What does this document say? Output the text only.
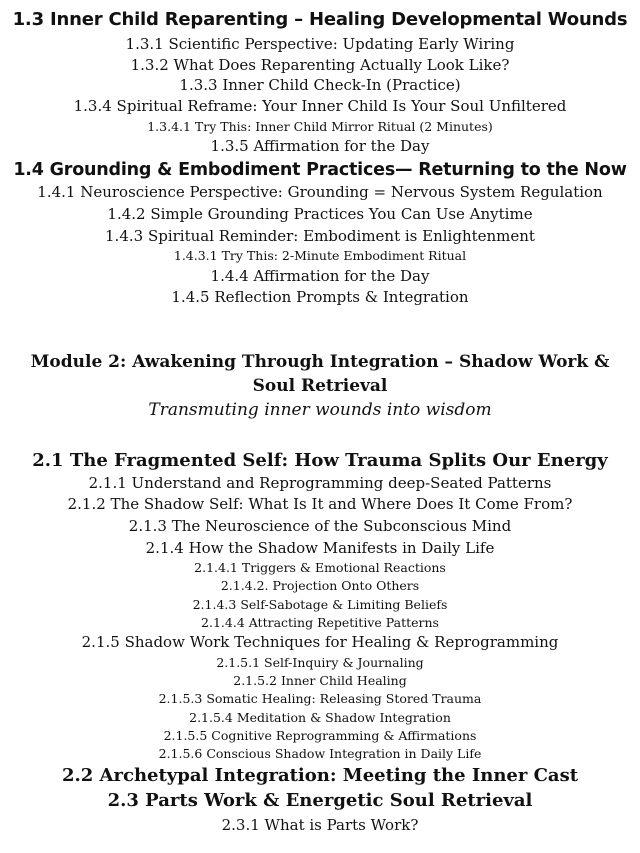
1.3 Inner Child Reparenting – Healing Developmental Wounds
1.3.1 Scientific Perspective: Updating Early Wiring
1.3.2 What Does Reparenting Actually Look Like?
1.3.3 Inner Child Check-In (Practice)
1.3.4 Spiritual Reframe: Your Inner Child Is Your Soul Unfiltered
1.3.4.1 Try This: Inner Child Mirror Ritual (2 Minutes)
1.3.5 Affirmation for the Day
1.4 Grounding & Embodiment Practices— Returning to the Now
1.4.1 Neuroscience Perspective: Grounding = Nervous System Regulation
1.4.2 Simple Grounding Practices You Can Use Anytime
1.4.3 Spiritual Reminder: Embodiment is Enlightenment
1.4.3.1 Try This: 2-Minute Embodiment Ritual
1.4.4 Affirmation for the Day
1.4.5 Reflection Prompts & Integration
Module 2: Awakening Through Integration – Shadow Work &
Soul Retrieval
Transmuting inner wounds into wisdom
2.1 The Fragmented Self: How Trauma Splits Our Energy
2.1.1 Understand and Reprogramming deep-Seated Patterns
2.1.2 The Shadow Self: What Is It and Where Does It Come From?
2.1.3 The Neuroscience of the Subconscious Mind
2.1.4 How the Shadow Manifests in Daily Life
2.1.4.1 Triggers & Emotional Reactions
2.1.4.2. Projection Onto Others
2.1.4.3 Self-Sabotage & Limiting Beliefs
2.1.4.4 Attracting Repetitive Patterns
2.1.5 Shadow Work Techniques for Healing & Reprogramming
2.1.5.1 Self-Inquiry & Journaling
2.1.5.2 Inner Child Healing
2.1.5.3 Somatic Healing: Releasing Stored Trauma
2.1.5.4 Meditation & Shadow Integration
2.1.5.5 Cognitive Reprogramming & Affirmations
2.1.5.6 Conscious Shadow Integration in Daily Life
2.2 Archetypal Integration: Meeting the Inner Cast
2.3 Parts Work & Energetic Soul Retrieval
2.3.1 What is Parts Work?
